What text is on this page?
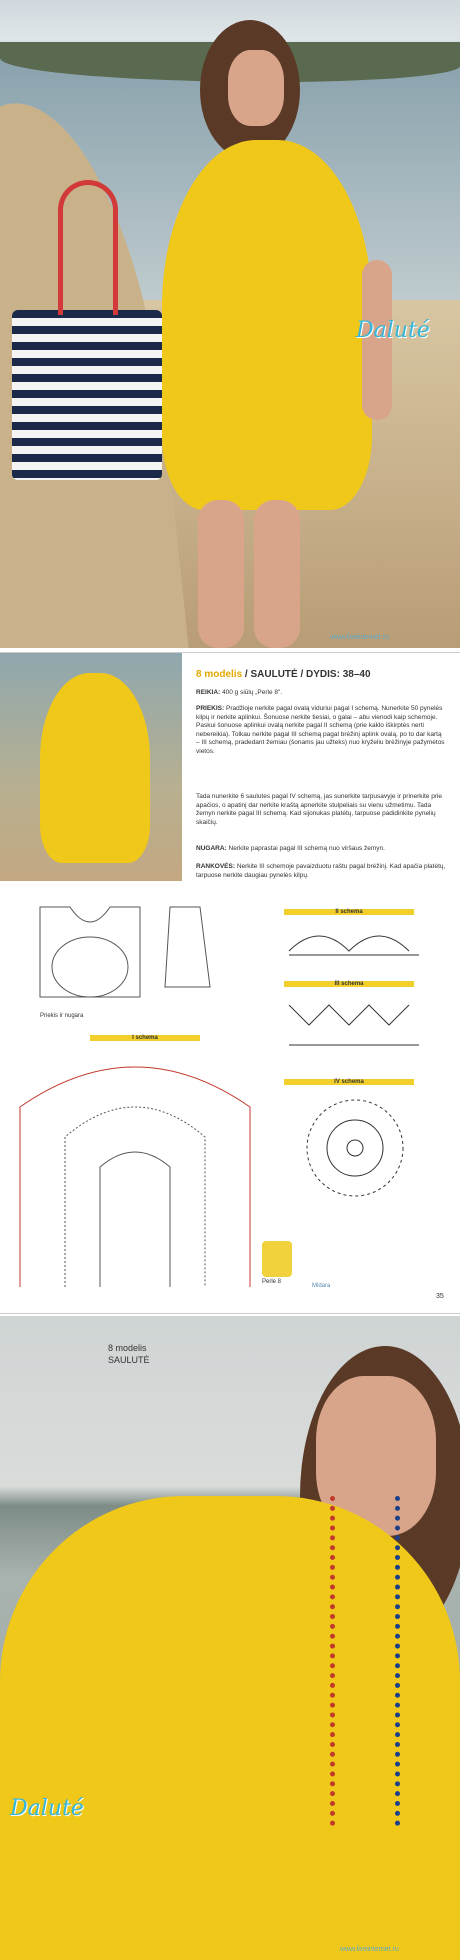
Daluté
www.liveinternet.ru
8 modelis / SAULUTĖ / DYDIS: 38–40
REIKIA: 400 g siūlų „Perle 8".
PRIEKIS: Pradžioje nerkite pagal ovalą viduriui pagal I schemą. Nunerkite 50 pynelės kilpų ir nerkite aplinkui. Šonuose nerkite tiesiai, o galai – abu vienodi kaip schemoje. Paskui šonuose aplinkui ovalą nerkite pagal II schemą (prie kaklo iškirptės nerti nebereikia). Tolkau nerkite pagal III schemą pagal brėžinį aplink ovalą, po to dar kartą – III schemą, pradedant žemiau (šonams jau užteks) nuo kryželiu brėžinyje pažymėtos vietos.
Tada nunerkite 6 saulutes pagal IV schemą, jas sunerkite tarpusavyje ir prinerkite prie apačios, o apatinį dar nerkite kraštą apnerkite stulpeliais su vienu užmetimu. Tada žemyn nerkite pagal III schemą. Kad sijonukas platėtų, tarpuose padidinkite pynelių skaičių.
NUGARA: Nerkite paprastai pagal III schemą nuo viršaus žemyn.
RANKOVĖS: Nerkite III schemoje pavaizduotu raštu pagal brėžinį. Kad apačia platėtų, tarpuose nerkite daugiau pynelės kilpų.
Priekis ir nugara
II schema
III schema
IV schema
I schema
Perle 8
Midara
35
8 modelis
SAULUTĖ
Daluté
www.liveinternet.ru
